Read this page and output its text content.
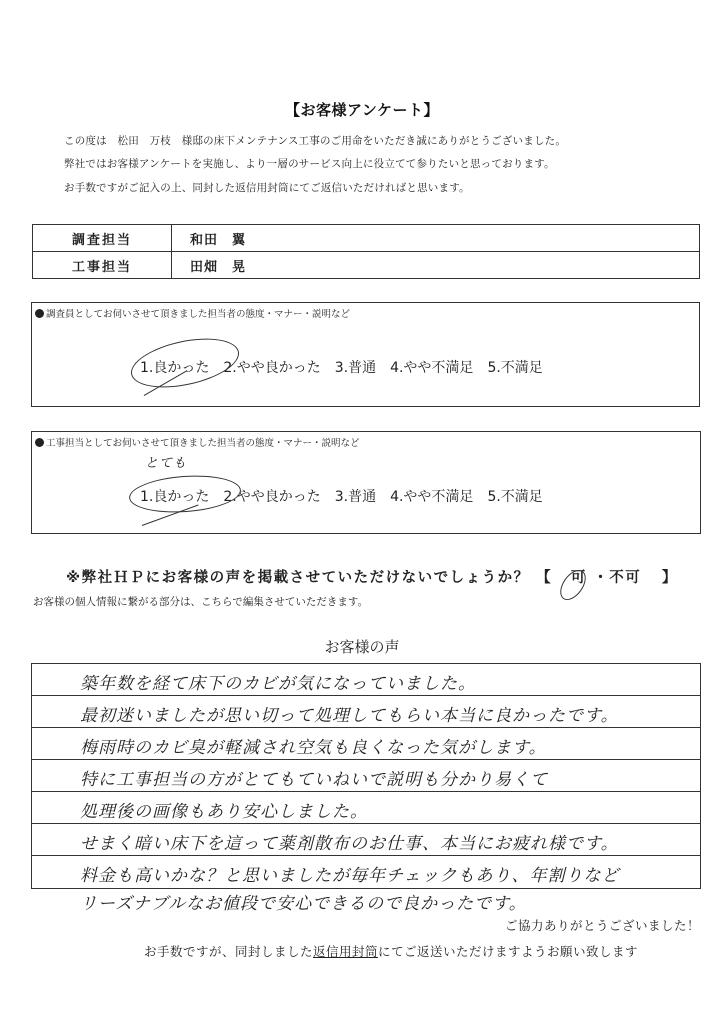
【お客様アンケート】
この度は　松田　万枝　様邸の床下メンテナンス工事のご用命をいただき誠にありがとうございました。
弊社ではお客様アンケートを実施し、より一層のサービス向上に役立てて参りたいと思っております。
お手数ですがご記入の上、同封した返信用封筒にてご返信いただければと思います。
調査担当	和田　翼
工事担当	田畑　晃
調査員としてお伺いさせて頂きました担当者の態度・マナー・説明など
1.良かった 2.やや良かった 3.普通 4.やや不満足 5.不満足
工事担当としてお伺いさせて頂きました担当者の態度・マナー・説明など
とても
1.良かった 2.やや良かった 3.普通 4.やや不満足 5.不満足
※弊社ＨＰにお客様の声を掲載させていただけないでしょうか？ 【 可 ・不可 】
お客様の個人情報に繋がる部分は、こちらで編集させていただきます。
お客様の声
築年数を経て床下のカビが気になっていました。
最初迷いましたが思い切って処理してもらい本当に良かったです。
梅雨時のカビ臭が軽減され空気も良くなった気がします。
特に工事担当の方がとてもていねいで説明も分かり易くて
処理後の画像もあり安心しました。
せまく暗い床下を這って薬剤散布のお仕事、本当にお疲れ様です。
料金も高いかな？と思いましたが毎年チェックもあり、年割りなど
リーズナブルなお値段で安心できるので良かったです。
ご協力ありがとうございました！
お手数ですが、同封しました返信用封筒にてご返送いただけますようお願い致します
